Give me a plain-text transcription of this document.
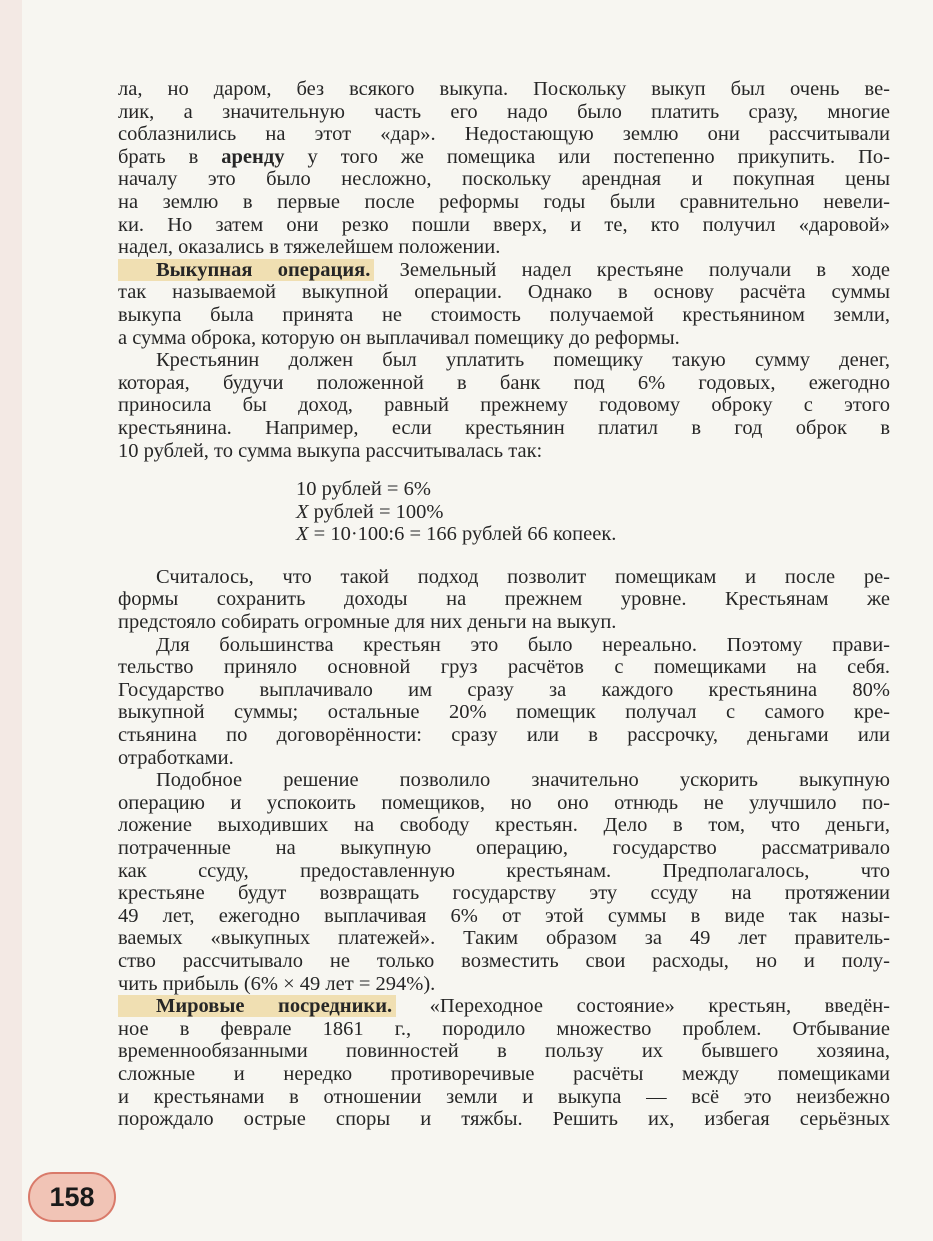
ла, но даром, без всякого выкупа. Поскольку выкуп был очень ве-
лик, а значительную часть его надо было платить сразу, многие
соблазнились на этот «дар». Недостающую землю они рассчитывали
брать в аренду у того же помещика или постепенно прикупить. По-
началу это было несложно, поскольку арендная и покупная цены
на землю в первые после реформы годы были сравнительно невели-
ки. Но затем они резко пошли вверх, и те, кто получил «даровой»
надел, оказались в тяжелейшем положении.
Выкупная операция. Земельный надел крестьяне получали в ходе
так называемой выкупной операции. Однако в основу расчёта суммы
выкупа была принята не стоимость получаемой крестьянином земли,
а сумма оброка, которую он выплачивал помещику до реформы.
Крестьянин должен был уплатить помещику такую сумму денег,
которая, будучи положенной в банк под 6% годовых, ежегодно
приносила бы доход, равный прежнему годовому оброку с этого
крестьянина. Например, если крестьянин платил в год оброк в
10 рублей, то сумма выкупа рассчитывалась так:
10 рублей = 6%
X рублей = 100%
X = 10·100:6 = 166 рублей 66 копеек.
Считалось, что такой подход позволит помещикам и после ре-
формы сохранить доходы на прежнем уровне. Крестьянам же
предстояло собирать огромные для них деньги на выкуп.
Для большинства крестьян это было нереально. Поэтому прави-
тельство приняло основной груз расчётов с помещиками на себя.
Государство выплачивало им сразу за каждого крестьянина 80%
выкупной суммы; остальные 20% помещик получал с самого кре-
стьянина по договорённости: сразу или в рассрочку, деньгами или
отработками.
Подобное решение позволило значительно ускорить выкупную
операцию и успокоить помещиков, но оно отнюдь не улучшило по-
ложение выходивших на свободу крестьян. Дело в том, что деньги,
потраченные на выкупную операцию, государство рассматривало
как ссуду, предоставленную крестьянам. Предполагалось, что
крестьяне будут возвращать государству эту ссуду на протяжении
49 лет, ежегодно выплачивая 6% от этой суммы в виде так назы-
ваемых «выкупных платежей». Таким образом за 49 лет правитель-
ство рассчитывало не только возместить свои расходы, но и полу-
чить прибыль (6% × 49 лет = 294%).
Мировые посредники. «Переходное состояние» крестьян, введён-
ное в феврале 1861 г., породило множество проблем. Отбывание
временнообязанными повинностей в пользу их бывшего хозяина,
сложные и нередко противоречивые расчёты между помещиками
и крестьянами в отношении земли и выкупа — всё это неизбежно
порождало острые споры и тяжбы. Решить их, избегая серьёзных
158
